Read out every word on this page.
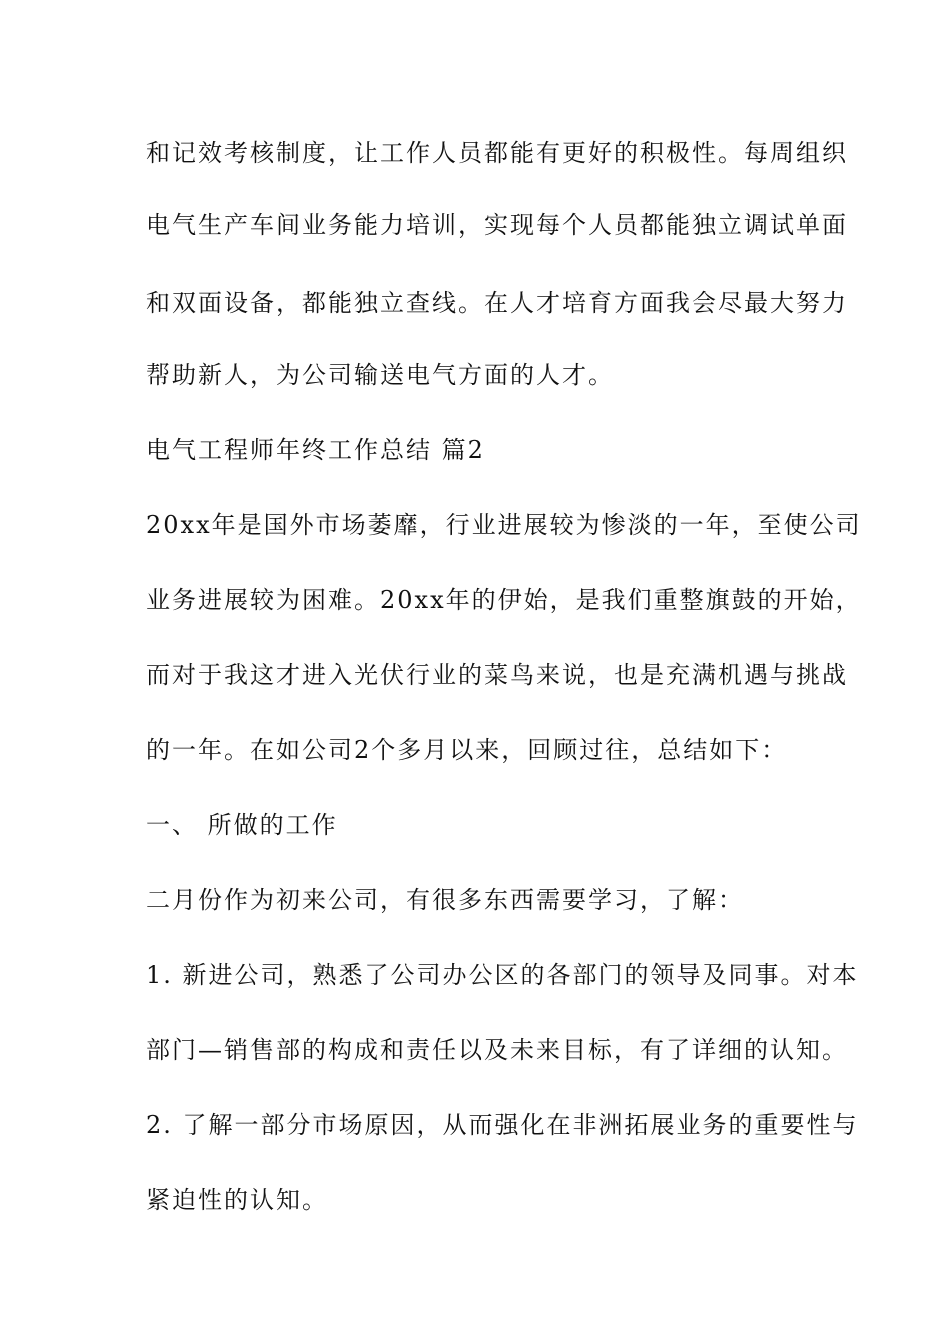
和记效考核制度，让工作人员都能有更好的积极性。每周组织

电气生产车间业务能力培训，实现每个人员都能独立调试单面

和双面设备，都能独立查线。在人才培育方面我会尽最大努力

帮助新人，为公司输送电气方面的人才。

电气工程师年终工作总结 篇2

20xx年是国外市场萎靡，行业进展较为惨淡的一年，至使公司

业务进展较为困难。20xx年的伊始，是我们重整旗鼓的开始，

而对于我这才进入光伏行业的菜鸟来说，也是充满机遇与挑战

的一年。在如公司2个多月以来，回顾过往，总结如下：

一、 所做的工作

二月份作为初来公司，有很多东西需要学习，了解：

1. 新进公司，熟悉了公司办公区的各部门的领导及同事。对本

部门—销售部的构成和责任以及未来目标，有了详细的认知。

2. 了解一部分市场原因，从而强化在非洲拓展业务的重要性与

紧迫性的认知。
